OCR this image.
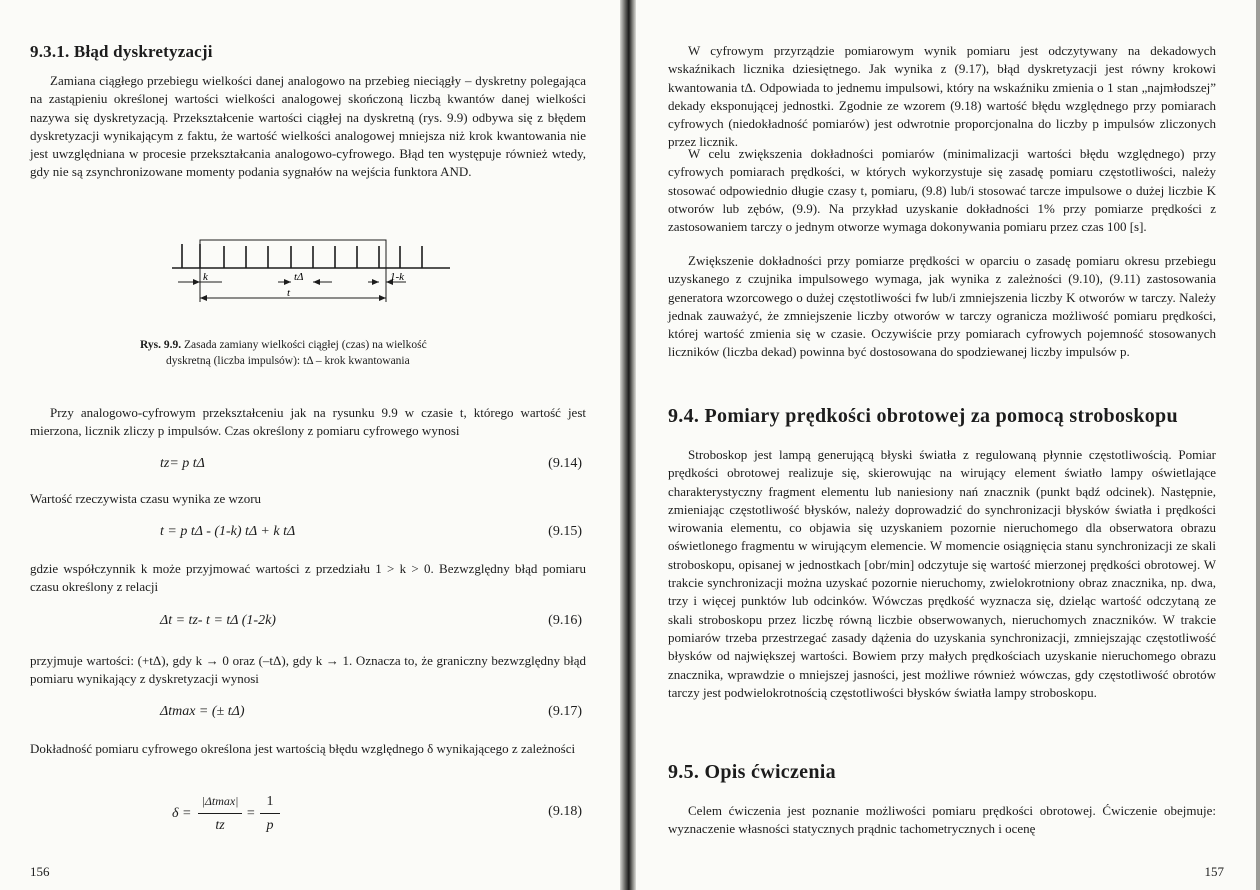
9.3.1. Błąd dyskretyzacji

Zamiana ciągłego przebiegu wielkości danej analogowo na przebieg nieciągły – dyskretny polegająca na zastąpieniu określonej wartości wielkości analogowej skończoną liczbą kwantów danej wielkości nazywa się dyskretyzacją. Przekształcenie wartości ciągłej na dyskretną (rys. 9.9) odbywa się z błędem dyskretyzacji wynikającym z faktu, że wartość wielkości analogowej mniejsza niż krok kwantowania nie jest uwzględniana w procesie przekształcania analogowo-cyfrowego. Błąd ten występuje również wtedy, gdy nie są zsynchronizowane momenty podania sygnałów na wejścia funktora AND.

k	tΔ	1-k
t
Rys. 9.9. Zasada zamiany wielkości ciągłej (czas) na wielkość
dyskretną (liczba impulsów): tΔ – krok kwantowania

Przy analogowo-cyfrowym przekształceniu jak na rysunku 9.9 w czasie t, którego wartość jest mierzona, licznik zliczy p impulsów. Czas określony z pomiaru cyfrowego wynosi

tz= p tΔ	(9.14)

Wartość rzeczywista czasu wynika ze wzoru

t = p tΔ - (1-k) tΔ + k tΔ	(9.15)

gdzie współczynnik k może przyjmować wartości z przedziału 1 > k > 0. Bezwzględny błąd pomiaru czasu określony z relacji

Δt = tz- t = tΔ (1-2k)	(9.16)

przyjmuje wartości: (+tΔ), gdy k → 0 oraz (–tΔ), gdy k → 1. Oznacza to, że graniczny bezwzględny błąd pomiaru wynikający z dyskretyzacji wynosi

Δtmax = (± tΔ)	(9.17)

Dokładność pomiaru cyfrowego określona jest wartością błędu względnego δ wynikającego z zależności

δ =
|Δtmax|
tz
=
1
p
(9.18)
156

W cyfrowym przyrządzie pomiarowym wynik pomiaru jest odczytywany na dekadowych wskaźnikach licznika dziesiętnego. Jak wynika z (9.17), błąd dyskretyzacji jest równy krokowi kwantowania tΔ. Odpowiada to jednemu impulsowi, który na wskaźniku zmienia o 1 stan „najmłodszej” dekady eksponującej jednostki. Zgodnie ze wzorem (9.18) wartość błędu względnego przy pomiarach cyfrowych (niedokładność pomiarów) jest odwrotnie proporcjonalna do liczby p impulsów zliczonych przez licznik.

W celu zwiększenia dokładności pomiarów (minimalizacji wartości błędu względnego) przy cyfrowych pomiarach prędkości, w których wykorzystuje się zasadę pomiaru częstotliwości, należy stosować odpowiednio długie czasy t, pomiaru, (9.8) lub/i stosować tarcze impulsowe o dużej liczbie K otworów lub zębów, (9.9). Na przykład uzyskanie dokładności 1% przy pomiarze prędkości z zastosowaniem tarczy o jednym otworze wymaga dokonywania pomiaru przez czas 100 [s].

Zwiększenie dokładności przy pomiarze prędkości w oparciu o zasadę pomiaru okresu przebiegu uzyskanego z czujnika impulsowego wymaga, jak wynika z zależności (9.10), (9.11) zastosowania generatora wzorcowego o dużej częstotliwości fw lub/i zmniejszenia liczby K otworów w tarczy. Należy jednak zauważyć, że zmniejszenie liczby otworów w tarczy ogranicza możliwość pomiaru prędkości, której wartość zmienia się w czasie. Oczywiście przy pomiarach cyfrowych pojemność stosowanych liczników (liczba dekad) powinna być dostosowana do spodziewanej liczby impulsów p.

9.4. Pomiary prędkości obrotowej za pomocą stroboskopu

Stroboskop jest lampą generującą błyski światła z regulowaną płynnie częstotliwością. Pomiar prędkości obrotowej realizuje się, skierowując na wirujący element światło lampy oświetlające charakterystyczny fragment elementu lub naniesiony nań znacznik (punkt bądź odcinek). Następnie, zmieniając częstotliwość błysków, należy doprowadzić do synchronizacji błysków światła i prędkości wirowania elementu, co objawia się uzyskaniem pozornie nieruchomego dla obserwatora obrazu oświetlonego fragmentu w wirującym elemencie. W momencie osiągnięcia stanu synchronizacji ze skali stroboskopu, opisanej w jednostkach [obr/min] odczytuje się wartość mierzonej prędkości obrotowej. W trakcie synchronizacji można uzyskać pozornie nieruchomy, zwielokrotniony obraz znacznika, np. dwa, trzy i więcej punktów lub odcinków. Wówczas prędkość wyznacza się, dzieląc wartość odczytaną ze skali stroboskopu przez liczbę równą liczbie obserwowanych, nieruchomych znaczników. W trakcie pomiarów trzeba przestrzegać zasady dążenia do uzyskania synchronizacji, zmniejszając częstotliwość błysków od największej wartości. Bowiem przy małych prędkościach uzyskanie nieruchomego obrazu znacznika, wprawdzie o mniejszej jasności, jest możliwe również wówczas, gdy częstotliwość obrotów tarczy jest podwielokrotnością częstotliwości błysków światła lampy stroboskopu.

9.5. Opis ćwiczenia

Celem ćwiczenia jest poznanie możliwości pomiaru prędkości obrotowej. Ćwiczenie obejmuje: wyznaczenie własności statycznych prądnic tachometrycznych i ocenę

157
